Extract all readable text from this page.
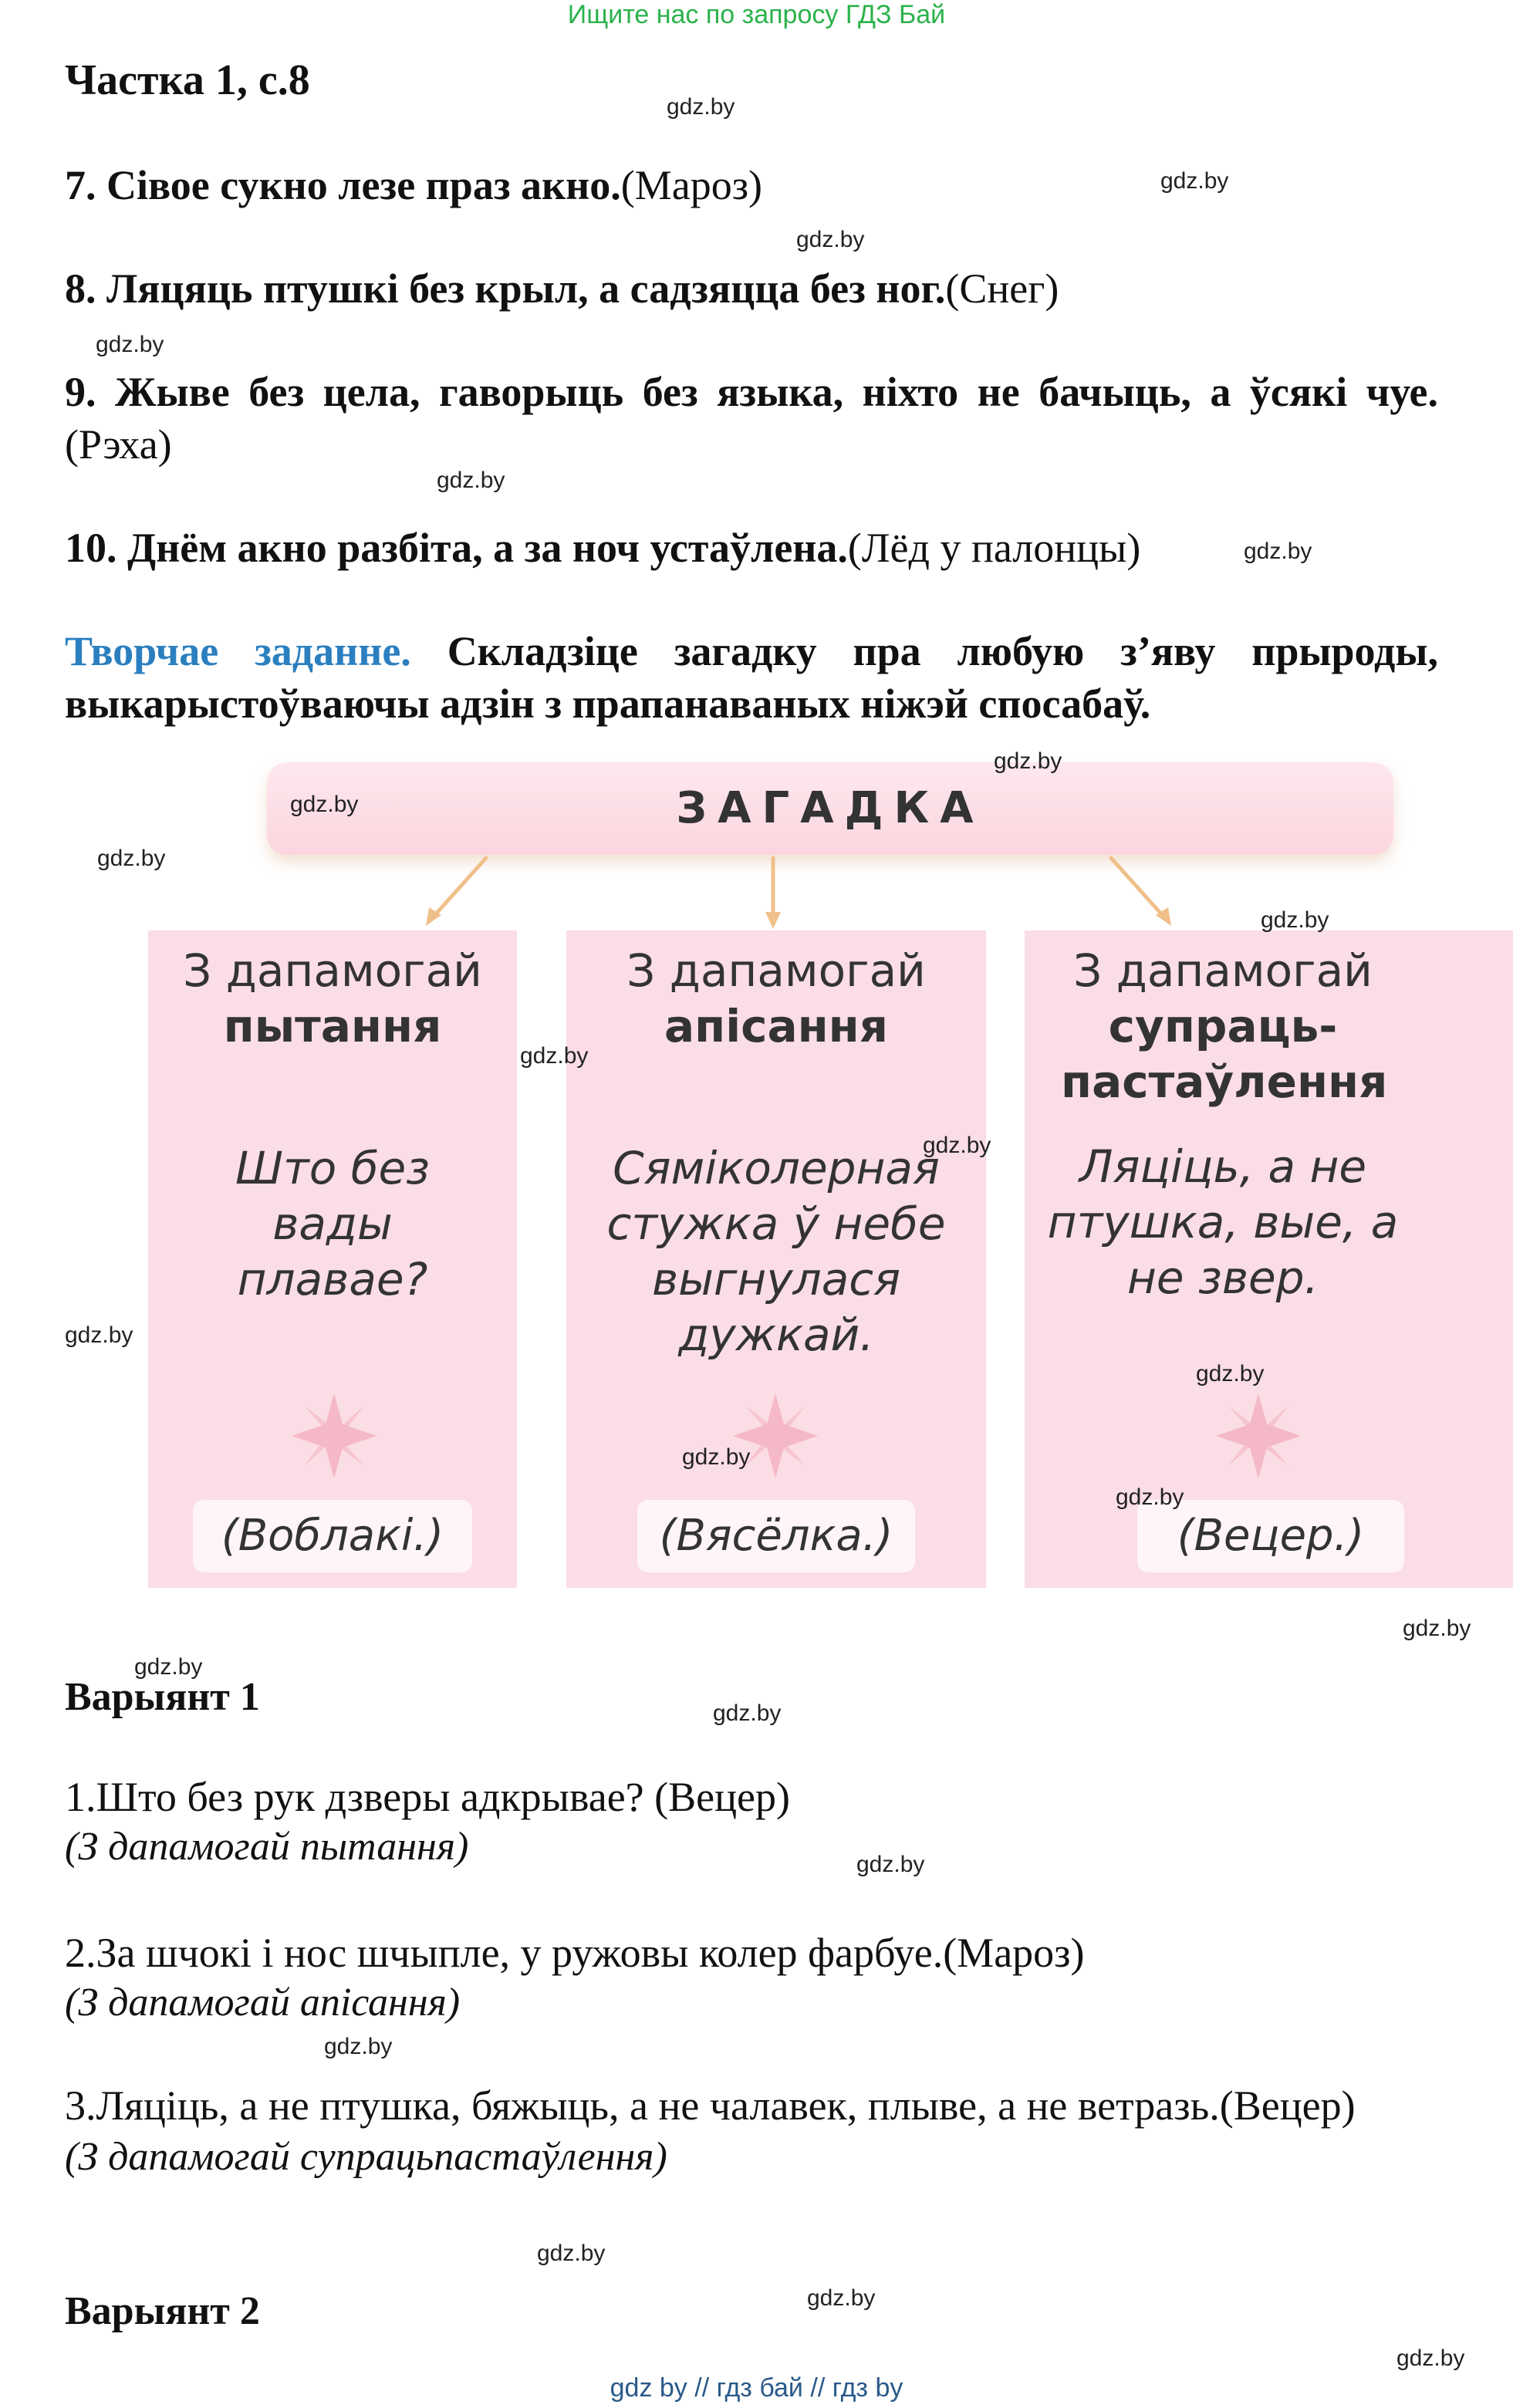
Ищите нас по запросу ГДЗ Бай
Частка 1, с.8
7. Сівое сукно лезе праз акно.(Мароз)
8. Ляцяць птушкі без крыл, а садзяцца без ног.(Снег)
9. Жыве без цела, гаворыць без языка, ніхто не бачыць, а ўсякі чуе.(Рэха)
10. Днём акно разбіта, а за ноч устаўлена.(Лёд у палонцы)
Творчае заданне. Складзіце загадку пра любую з’яву прыроды, выкарыстоўваючы адзін з прапанаваных ніжэй спосабаў.
ЗАГАДКА
З дапамогай
пытання
Што без вады плавае?
(Воблакі.)
З дапамогай
апісання
Сяміколерная стужка ў небе выгнулася дужкай.
(Вясёлка.)
З дапамогай
супраць-пастаўлення
Ляціць, а не птушка, вые, а не звер.
(Вецер.)
Варыянт 1
1.Што без рук дзверы адкрывае? (Вецер)
(З дапамогай пытання)
2.За шчокі і нос шчыпле, у ружовы колер фарбуе.(Мароз)
(З дапамогай апісання)
3.Ляціць, а не птушка, бяжыць, а не чалавек, плыве, а не ветразь.(Вецер)
(З дапамогай супрацьпастаўлення)
Варыянт 2
gdz.by
gdz.by
gdz.by
gdz.by
gdz.by
gdz.by
gdz.by
gdz.by
gdz.by
gdz.by
gdz.by
gdz.by
gdz.by
gdz.by
gdz.by
gdz.by
gdz.by
gdz.by
gdz.by
gdz.by
gdz.by
gdz.by
gdz.by
gdz.by
gdz by // гдз бай // гдз by
